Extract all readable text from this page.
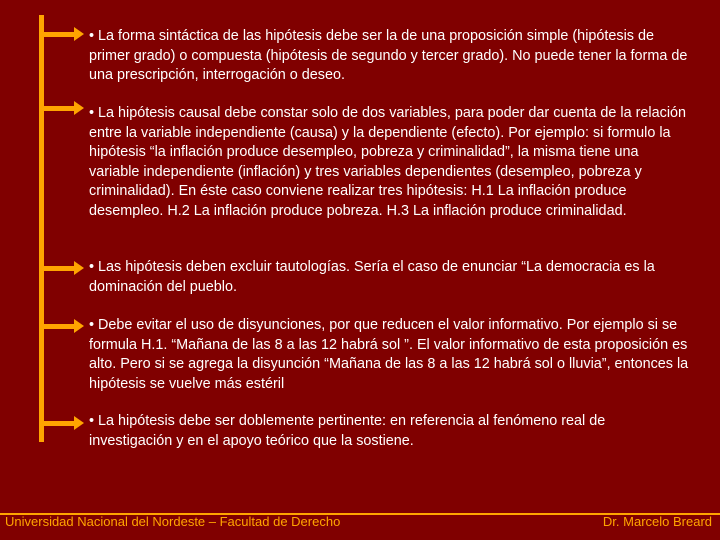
• La forma sintáctica de las hipótesis debe ser la de una proposición simple (hipótesis de primer grado) o compuesta (hipótesis de segundo y tercer grado). No puede tener la forma de una prescripción, interrogación o deseo.

• La hipótesis causal debe constar solo de dos variables, para poder dar cuenta de la relación entre la variable independiente (causa) y la dependiente (efecto). Por ejemplo: si formulo la hipótesis “la inflación produce desempleo, pobreza y criminalidad”, la misma tiene una variable independiente (inflación) y tres variables dependientes (desempleo, pobreza y criminalidad). En éste caso conviene realizar tres hipótesis: H.1 La inflación produce desempleo. H.2 La inflación produce pobreza. H.3 La inflación produce criminalidad.

• Las hipótesis deben excluir tautologías. Sería el caso de enunciar “La democracia es la dominación del pueblo.

• Debe evitar el uso de disyunciones, por que reducen el valor informativo. Por ejemplo si se formula H.1. “Mañana de las 8 a las 12 habrá sol ”. El valor informativo de esta proposición es alto. Pero si se agrega la disyunción “Mañana de las 8 a las 12 habrá sol o lluvia”, entonces la hipótesis se vuelve más estéril

• La hipótesis debe ser doblemente pertinente: en referencia al fenómeno real de investigación y en el apoyo teórico que la sostiene.

Universidad Nacional del Nordeste – Facultad de Derecho	Dr. Marcelo Breard
